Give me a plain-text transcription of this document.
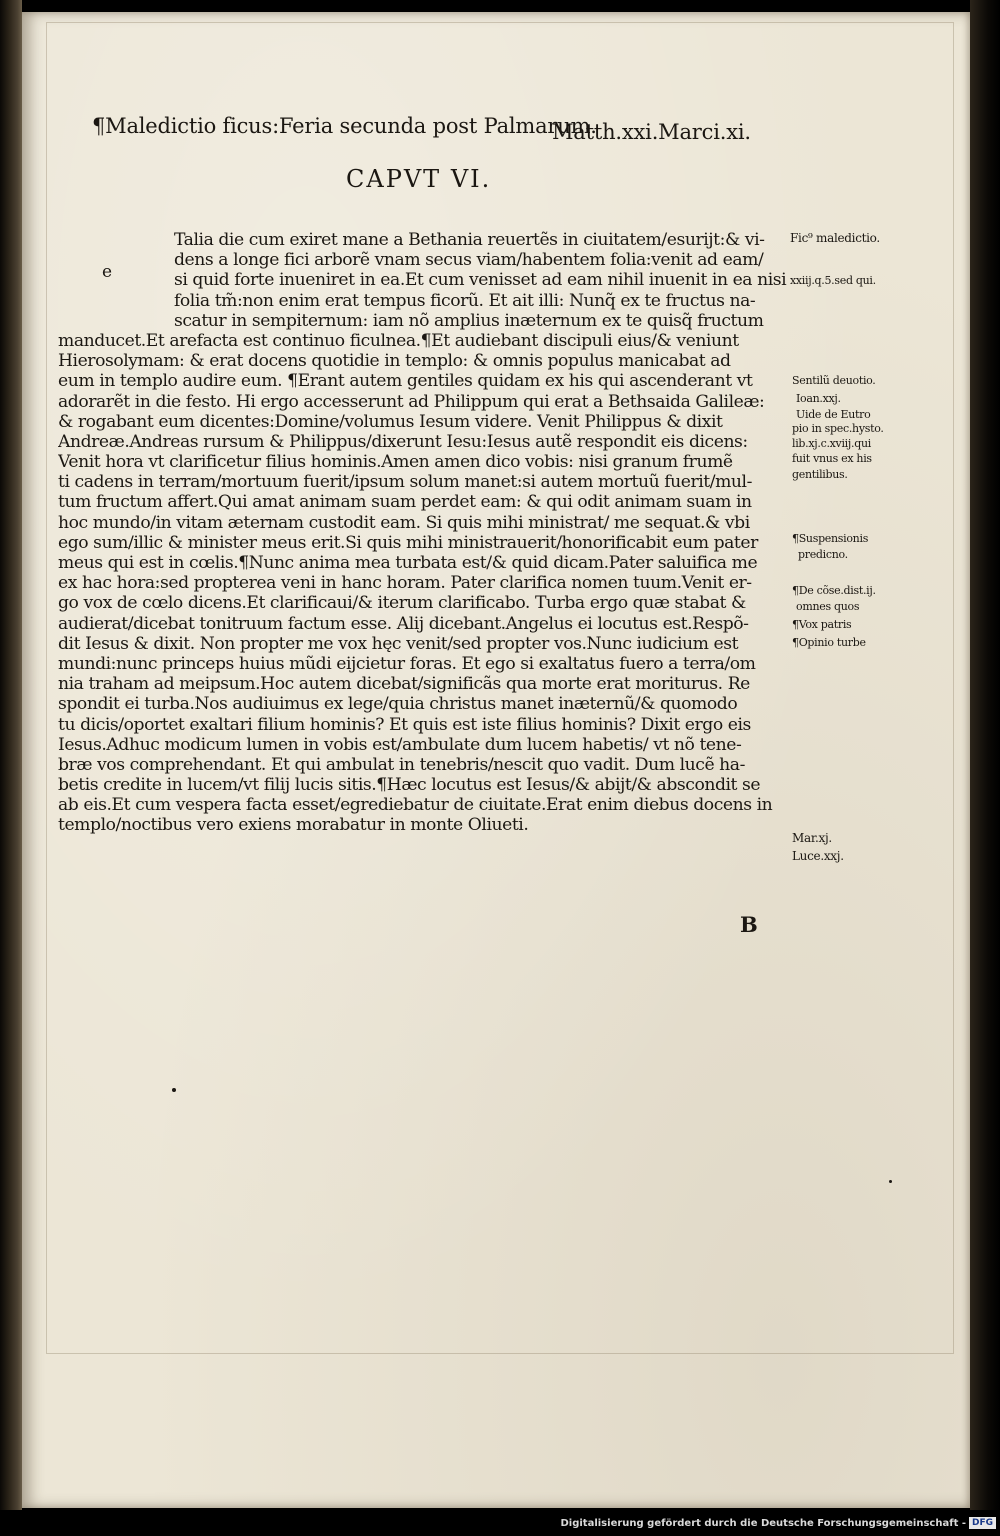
¶Maledictio ficus:Feria secunda post Palmarum.
Matth.xxi.Marci.xi.
CAPVT VI.
e
Talia die cum exiret mane a Bethania reuertẽs in ciuitatem/esurijt:& vi-
dens a longe fici arborẽ vnam secus viam/habentem folia:venit ad eam/
si quid forte inueniret in ea.Et cum venisset ad eam nihil inuenit in ea nisi
folia tm̃:non enim erat tempus ficorũ. Et ait illi: Nunq̃ ex te fructus na-
scatur in sempiternum: iam nõ amplius inæternum ex te quisq̃ fructum
manducet.Et arefacta est continuo ficulnea.¶Et audiebant discipuli eius/& veniunt
Hierosolymam: & erat docens quotidie in templo: & omnis populus manicabat ad
eum in templo audire eum. ¶Erant autem gentiles quidam ex his qui ascenderant vt
adorarẽt in die festo. Hi ergo accesserunt ad Philippum qui erat a Bethsaida Galileæ:
& rogabant eum dicentes:Domine/volumus Iesum videre. Venit Philippus & dixit
Andreæ.Andreas rursum & Philippus/dixerunt Iesu:Iesus autẽ respondit eis dicens:
Venit hora vt clarificetur filius hominis.Amen amen dico vobis: nisi granum frumẽ
ti cadens in terram/mortuum fuerit/ipsum solum manet:si autem mortuũ fuerit/mul-
tum fructum affert.Qui amat animam suam perdet eam: & qui odit animam suam in
hoc mundo/in vitam æternam custodit eam. Si quis mihi ministrat/ me sequat.& vbi
ego sum/illic & minister meus erit.Si quis mihi ministrauerit/honorificabit eum pater
meus qui est in cœlis.¶Nunc anima mea turbata est/& quid dicam.Pater saluifica me
ex hac hora:sed propterea veni in hanc horam. Pater clarifica nomen tuum.Venit er-
go vox de cœlo dicens.Et clarificaui/& iterum clarificabo. Turba ergo quæ stabat &
audierat/dicebat tonitruum factum esse. Alij dicebant.Angelus ei locutus est.Respõ-
dit Iesus & dixit. Non propter me vox hęc venit/sed propter vos.Nunc iudicium est
mundi:nunc princeps huius mũdi eijcietur foras. Et ego si exaltatus fuero a terra/om
nia traham ad meipsum.Hoc autem dicebat/significãs qua morte erat moriturus. Re
spondit ei turba.Nos audiuimus ex lege/quia christus manet inæternũ/& quomodo
tu dicis/oportet exaltari filium hominis? Et quis est iste filius hominis? Dixit ergo eis
Iesus.Adhuc modicum lumen in vobis est/ambulate dum lucem habetis/ vt nõ tene-
bræ vos comprehendant. Et qui ambulat in tenebris/nescit quo vadit. Dum lucẽ ha-
betis credite in lucem/vt filij lucis sitis.¶Hæc locutus est Iesus/& abijt/& abscondit se
ab eis.Et cum vespera facta esset/egrediebatur de ciuitate.Erat enim diebus docens in
templo/noctibus vero exiens morabatur in monte Oliueti.
Fic⁹ maledictio.
xxiij.q.5.sed qui.
Sentilũ deuotio.
Ioan.xxj.
Uide de Eutro
pio in spec.hysto.
lib.xj.c.xviij.qui
fuit vnus ex his
gentilibus.
¶Suspensionis
predicno.
¶De cõse.dist.ij.
omnes quos
¶Vox patris
¶Opinio turbe
Mar.xj.
Luce.xxj.
B
Digitalisierung gefördert durch die Deutsche Forschungsgemeinschaft - DFG
